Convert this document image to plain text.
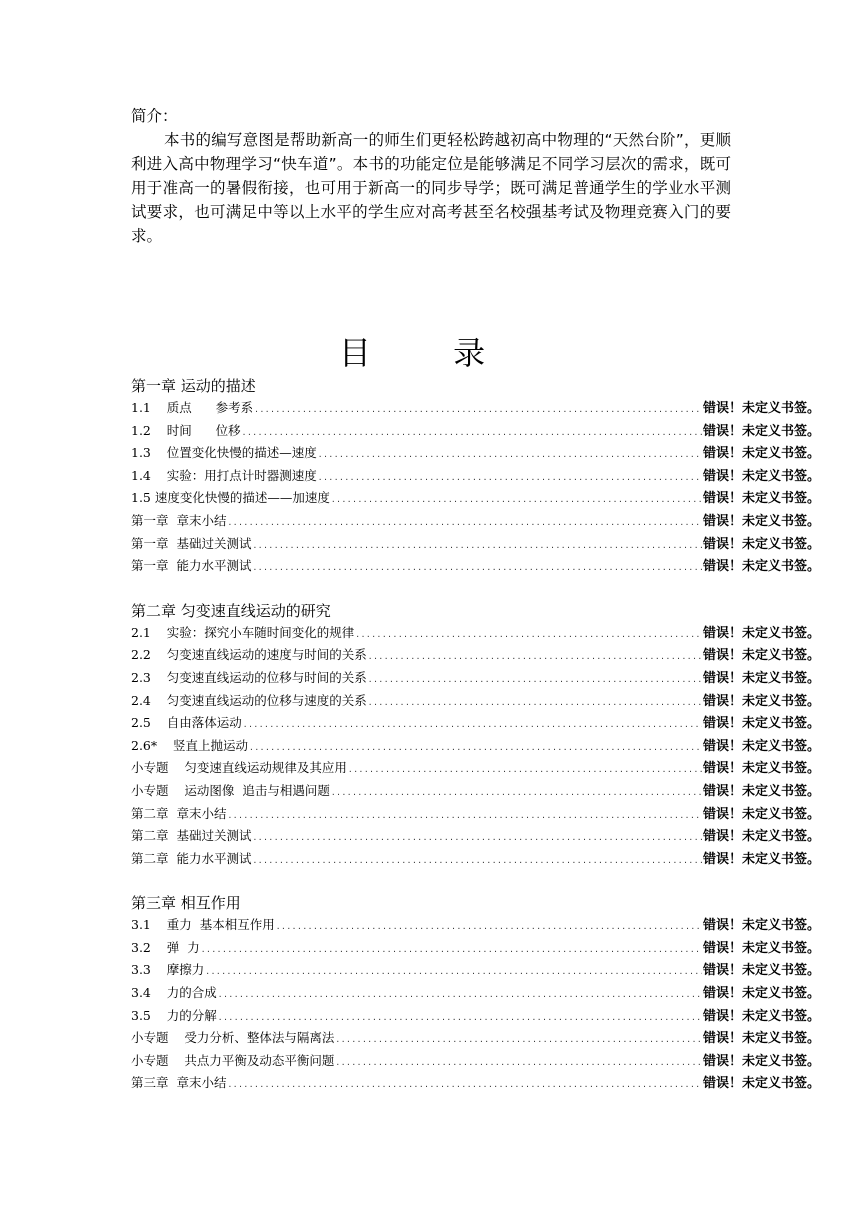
简介：
本书的编写意图是帮助新高一的师生们更轻松跨越初高中物理的“天然台阶”，更顺利进入高中物理学习“快车道”。本书的功能定位是能够满足不同学习层次的需求，既可用于准高一的暑假衔接，也可用于新高一的同步导学；既可满足普通学生的学业水平测试要求，也可满足中等以上水平的学生应对高考甚至名校强基考试及物理竞赛入门的要求。
目 录
第一章 运动的描述
1.1    质点      参考系 .....	错误！未定义书签。
1.2    时间      位移 .....	错误！未定义书签。
1.3    位置变化快慢的描述—速度 .....	错误！未定义书签。
1.4    实验：用打点计时器测速度 .....	错误！未定义书签。
1.5 速度变化快慢的描述——加速度 .....	错误！未定义书签。
第一章  章末小结 .....	错误！未定义书签。
第一章  基础过关测试 .....	错误！未定义书签。
第一章  能力水平测试 .....	错误！未定义书签。
第二章 匀变速直线运动的研究
2.1    实验：探究小车随时间变化的规律 .....	错误！未定义书签。
2.2    匀变速直线运动的速度与时间的关系 .....	错误！未定义书签。
2.3    匀变速直线运动的位移与时间的关系 .....	错误！未定义书签。
2.4    匀变速直线运动的位移与速度的关系 .....	错误！未定义书签。
2.5    自由落体运动 .....	错误！未定义书签。
2.6*    竖直上抛运动 .....	错误！未定义书签。
小专题    匀变速直线运动规律及其应用 .....	错误！未定义书签。
小专题    运动图像  追击与相遇问题 .....	错误！未定义书签。
第二章  章末小结 .....	错误！未定义书签。
第二章  基础过关测试 .....	错误！未定义书签。
第二章  能力水平测试 .....	错误！未定义书签。
第三章 相互作用
3.1    重力  基本相互作用 .....	错误！未定义书签。
3.2    弹  力 .....	错误！未定义书签。
3.3    摩擦力 .....	错误！未定义书签。
3.4    力的合成 .....	错误！未定义书签。
3.5    力的分解 .....	错误！未定义书签。
小专题    受力分析、整体法与隔离法 .....	错误！未定义书签。
小专题    共点力平衡及动态平衡问题 .....	错误！未定义书签。
第三章  章末小结 .....	错误！未定义书签。
